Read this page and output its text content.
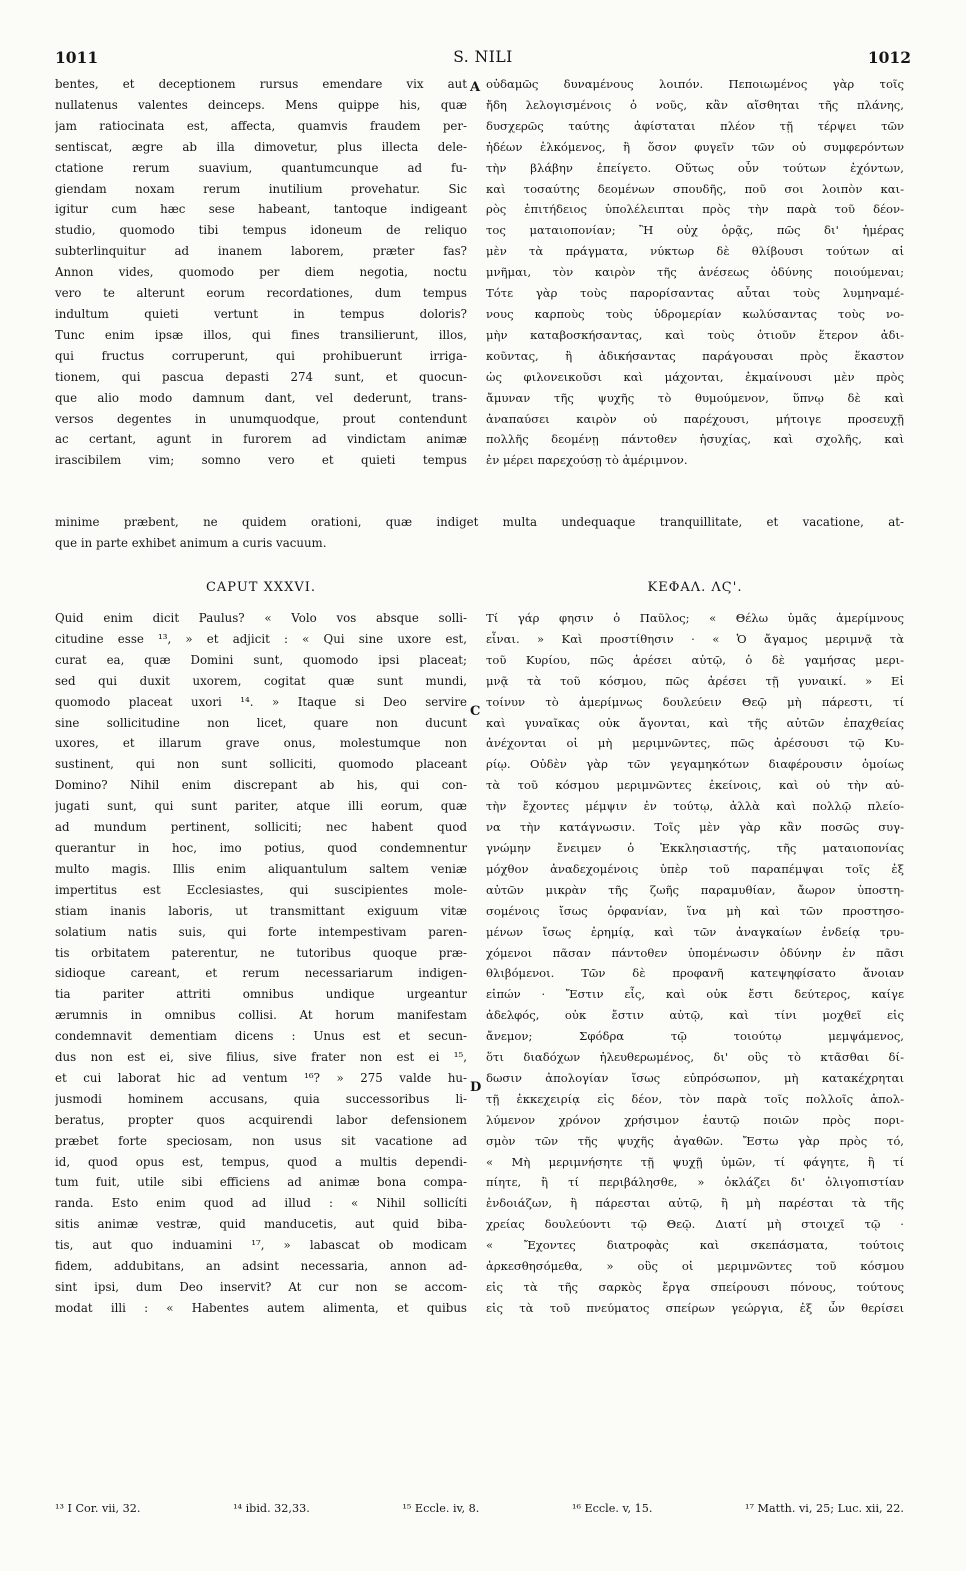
1011	S. NILI	1012
A
C
D
bentes, et deceptionem rursus emendare vix aut
nullatenus valentes deinceps. Mens quippe his, quæ
jam ratiocinata est, affecta, quamvis fraudem per-
sentiscat, ægre ab illa dimovetur, plus illecta dele-
ctatione rerum suavium, quantumcunque ad fu-
giendam noxam rerum inutilium provehatur. Sic
igitur cum hæc sese habeant, tantoque indigeant
studio, quomodo tibi tempus idoneum de reliquo
subterlinquitur ad inanem laborem, præter fas?
Annon vides, quomodo per diem negotia, noctu
vero te alterunt eorum recordationes, dum tempus
indultum quieti vertunt in tempus doloris?
Tunc enim ipsæ illos, qui fines transilierunt, illos,
qui fructus corruperunt, qui prohibuerunt irriga-
tionem, qui pascua depasti 274 sunt, et quocun-
que alio modo damnum dant, vel dederunt, trans-
versos degentes in unumquodque, prout contendunt
ac certant, agunt in furorem ad vindictam animæ
irascibilem vim; somno vero et quieti tempus
οὐδαμῶς δυναμένους λοιπόν. Πεποιωμένος γὰρ τοῖς
ἤδη λελογισμένοις ὁ νοῦς, κἂν αἴσθηται τῆς πλάνης,
δυσχερῶς ταύτης ἀφίσταται πλέον τῇ τέρψει τῶν
ἡδέων ἑλκόμενος, ἢ ὅσον φυγεῖν τῶν οὐ συμφερόντων
τὴν βλάβην ἐπείγετο. Οὕτως οὖν τούτων ἐχόντων,
καὶ τοσαύτης δεομένων σπουδῆς, ποῦ σοι λοιπὸν και-
ρὸς ἐπιτήδειος ὑπολέλειπται πρὸς τὴν παρὰ τοῦ δέον-
τος ματαιοπονίαν; Ἢ οὐχ ὁρᾷς, πῶς δι' ἡμέρας
μὲν τὰ πράγματα, νύκτωρ δὲ θλίβουσι τούτων αἱ
μνῆμαι, τὸν καιρὸν τῆς ἀνέσεως ὀδύνης ποιούμεναι;
Τότε γὰρ τοὺς παρορίσαντας αὗται τοὺς λυμηναμέ-
νους καρποὺς τοὺς ὑδρομερίαν κωλύσαντας τοὺς νο-
μὴν καταβοσκήσαντας, καὶ τοὺς ὁτιοῦν ἕτερον ἀδι-
κοῦντας, ἢ ἀδικήσαντας παράγουσαι πρὸς ἕκαστον
ὡς φιλονεικοῦσι καὶ μάχονται, ἐκμαίνουσι μὲν πρὸς
ἄμυναν τῆς ψυχῆς τὸ θυμούμενον, ὕπνῳ δὲ καὶ
ἀναπαύσει καιρὸν οὐ παρέχουσι, μήτοιγε προσευχῇ
πολλῆς δεομένῃ πάντοθεν ἡσυχίας, καὶ σχολῆς, καὶ
ἐν μέρει παρεχούσῃ τὸ ἀμέριμνον.
minime præbent, ne quidem orationi, quæ indiget multa undequaque tranquillitate, et vacatione, at-
que in parte exhibet animum a curis vacuum.
CAPUT XXXVI.
Quid enim dicit Paulus? « Volo vos absque solli-
citudine esse ¹³, » et adjicit : « Qui sine uxore est,
curat ea, quæ Domini sunt, quomodo ipsi placeat;
sed qui duxit uxorem, cogitat quæ sunt mundi,
quomodo placeat uxori ¹⁴. » Itaque si Deo servire
sine sollicitudine non licet, quare non ducunt
uxores, et illarum grave onus, molestumque non
sustinent, qui non sunt solliciti, quomodo placeant
Domino? Nihil enim discrepant ab his, qui con-
jugati sunt, qui sunt pariter, atque illi eorum, quæ
ad mundum pertinent, solliciti; nec habent quod
querantur in hoc, imo potius, quod condemnentur
multo magis. Illis enim aliquantulum saltem veniæ
impertitus est Ecclesiastes, qui suscipientes mole-
stiam inanis laboris, ut transmittant exiguum vitæ
solatium natis suis, qui forte intempestivam paren-
tis orbitatem paterentur, ne tutoribus quoque præ-
sidioque careant, et rerum necessariarum indigen-
tia pariter attriti omnibus undique urgeantur
ærumnis in omnibus collisi. At horum manifestam
condemnavit dementiam dicens : Unus est et secun-
dus non est ei, sive filius, sive frater non est ei ¹⁵,
et cui laborat hic ad ventum ¹⁶? » 275 valde hu-
jusmodi hominem accusans, quia successoribus li-
beratus, propter quos acquirendi labor defensionem
præbet forte speciosam, non usus sit vacatione ad
id, quod opus est, tempus, quod a multis dependi-
tum fuit, utile sibi efficiens ad animæ bona compa-
randa. Esto enim quod ad illud : « Nihil sollicíti
sitis animæ vestræ, quid manducetis, aut quid biba-
tis, aut quo induamini ¹⁷, » labascat ob modicam
fidem, addubitans, an adsint necessaria, annon ad-
sint ipsi, dum Deo inservit? At cur non se accom-
modat illi : « Habentes autem alimenta, et quibus
ΚΕΦΑΛ. ΛϚ'.
Τί γάρ φησιν ὁ Παῦλος; « Θέλω ὑμᾶς ἀμερίμνους
εἶναι. » Καὶ προστίθησιν · « Ὁ ἄγαμος μεριμνᾷ τὰ
τοῦ Κυρίου, πῶς ἀρέσει αὐτῷ, ὁ δὲ γαμήσας μερι-
μνᾷ τὰ τοῦ κόσμου, πῶς ἀρέσει τῇ γυναικί. » Εἰ
τοίνυν τὸ ἀμερίμνως δουλεύειν Θεῷ μὴ πάρεστι, τί
καὶ γυναῖκας οὐκ ἄγονται, καὶ τῆς αὐτῶν ἐπαχθείας
ἀνέχονται οἱ μὴ μεριμνῶντες, πῶς ἀρέσουσι τῷ Κυ-
ρίῳ. Οὐδὲν γὰρ τῶν γεγαμηκότων διαφέρουσιν ὁμοίως
τὰ τοῦ κόσμου μεριμνῶντες ἐκείνοις, καὶ οὐ τὴν αὐ-
τὴν ἔχοντες μέμψιν ἐν τούτῳ, ἀλλὰ καὶ πολλῷ πλείο-
να τὴν κατάγνωσιν. Τοῖς μὲν γὰρ κἂν ποσῶς συγ-
γνώμην ἔνειμεν ὁ Ἐκκλησιαστής, τῆς ματαιοπονίας
μόχθον ἀναδεχομένοις ὑπὲρ τοῦ παραπέμψαι τοῖς ἐξ
αὐτῶν μικρὰν τῆς ζωῆς παραμυθίαν, ἄωρον ὑποστη-
σομένοις ἴσως ὀρφανίαν, ἵνα μὴ καὶ τῶν προστησο-
μένων ἴσως ἐρημίᾳ, καὶ τῶν ἀναγκαίων ἐνδείᾳ τρυ-
χόμενοι πᾶσαν πάντοθεν ὑπομένωσιν ὀδύνην ἐν πᾶσι
θλιβόμενοι. Τῶν δὲ προφανῆ κατεψηφίσατο ἄνοιαν
εἰπών · Ἔστιν εἷς, καὶ οὐκ ἔστι δεύτερος, καίγε
ἀδελφός, οὐκ ἔστιν αὐτῷ, καὶ τίνι μοχθεῖ εἰς
ἄνεμον; Σφόδρα τῷ τοιούτῳ μεμψάμενος,
ὅτι διαδόχων ἠλευθερωμένος, δι' οὓς τὸ κτᾶσθαι δί-
δωσιν ἀπολογίαν ἴσως εὐπρόσωπον, μὴ κατακέχρηται
τῇ ἐκκεχειρίᾳ εἰς δέον, τὸν παρὰ τοῖς πολλοῖς ἀπολ-
λύμενον χρόνον χρήσιμον ἑαυτῷ ποιῶν πρὸς πορι-
σμὸν τῶν τῆς ψυχῆς ἀγαθῶν. Ἔστω γὰρ πρὸς τό,
« Μὴ μεριμνήσητε τῇ ψυχῇ ὑμῶν, τί φάγητε, ἢ τί
πίητε, ἢ τί περιβάλησθε, » ὀκλάζει δι' ὀλιγοπιστίαν
ἐνδοιάζων, ἢ πάρεσται αὐτῷ, ἢ μὴ παρέσται τὰ τῆς
χρείας δουλεύοντι τῷ Θεῷ. Διατί μὴ στοιχεῖ τῷ ·
« Ἔχοντες διατροφὰς καὶ σκεπάσματα, τούτοις
ἀρκεσθησόμεθα, » οὓς οἱ μεριμνῶντες τοῦ κόσμου
εἰς τὰ τῆς σαρκὸς ἔργα σπείρουσι πόνους, τούτους
εἰς τὰ τοῦ πνεύματος σπείρων γεώργια, ἐξ ὧν θερίσει
¹³ I Cor. vii, 32.	¹⁴ ibid. 32,33.	¹⁵ Eccle. iv, 8.	¹⁶ Eccle. v, 15.	¹⁷ Matth. vi, 25; Luc. xii, 22.
